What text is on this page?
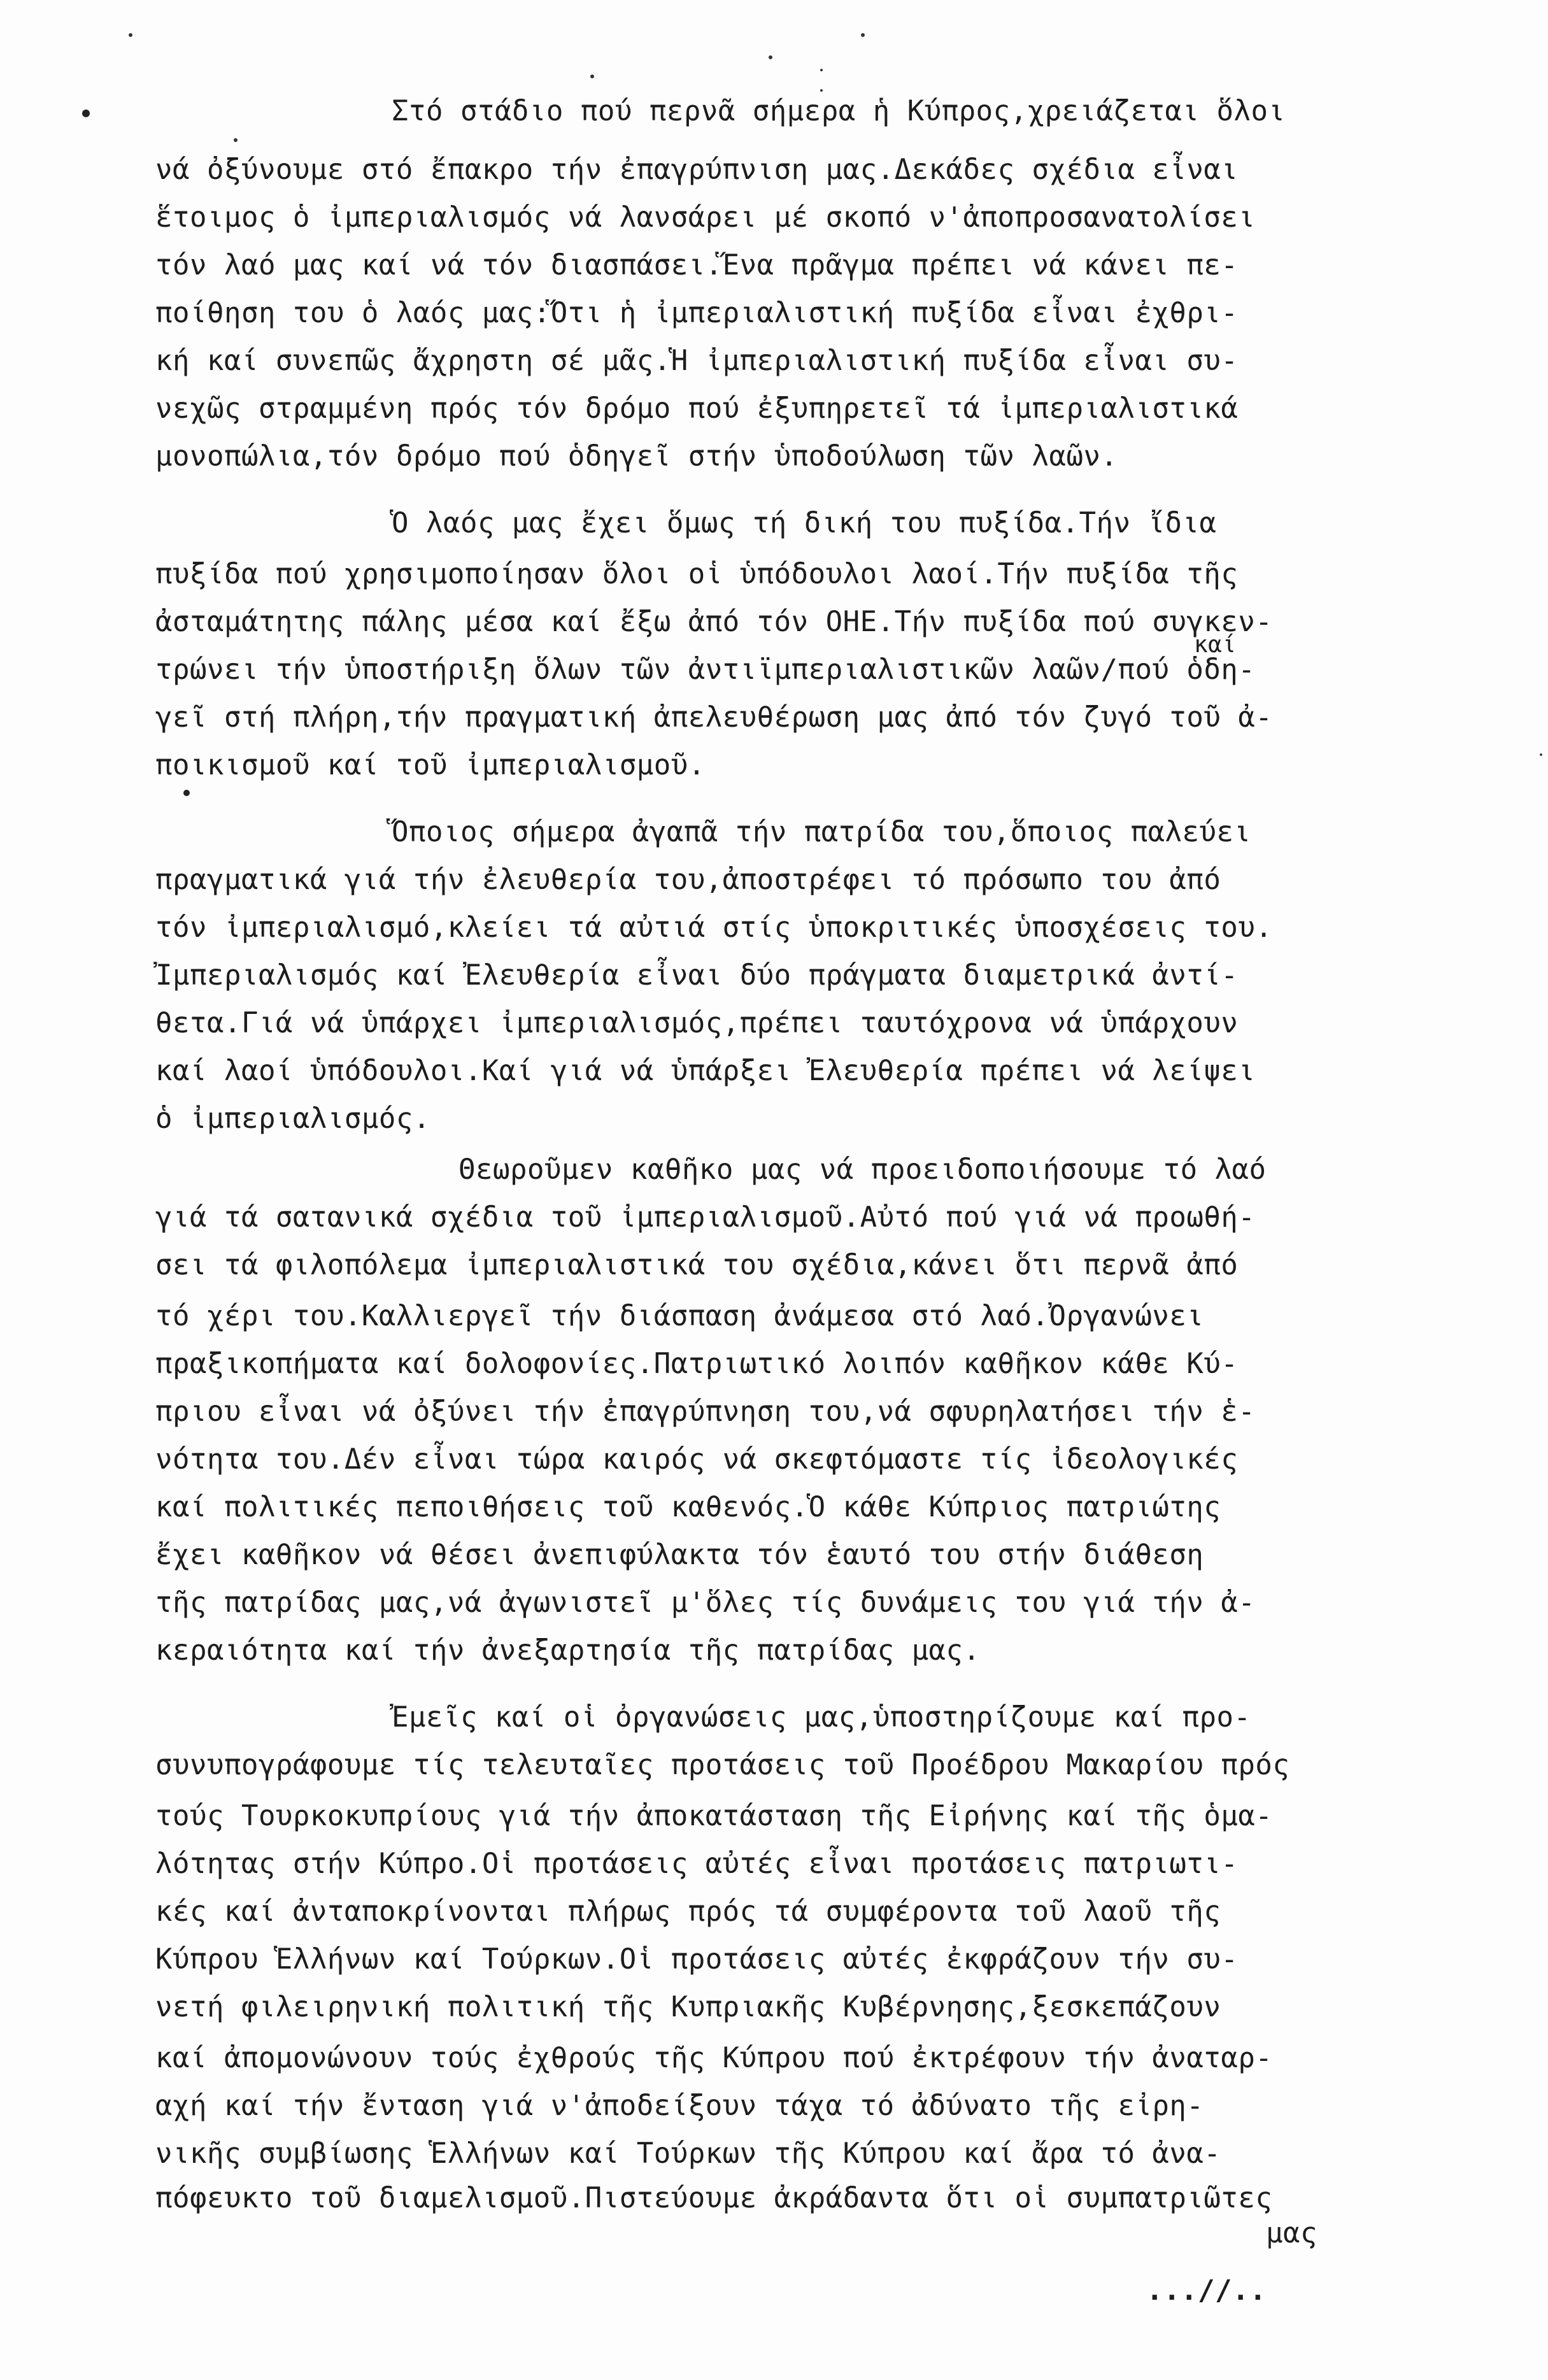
Στό στάδιο πού περνᾶ σήμερα ἡ Κύπρος,χρειάζεται ὅλοι
νά ὀξύνουμε στό ἔπακρο τήν ἐπαγρύπνιση μας.Δεκάδες σχέδια εἶναι
ἕτοιμος ὁ ἰμπεριαλισμός νά λανσάρει μέ σκοπό ν'ἀποπροσανατολίσει
τόν λαό μας καί νά τόν διασπάσει.Ἕνα πρᾶγμα πρέπει νά κάνει πε-
ποίθηση του ὁ λαός μας:Ὅτι ἡ ἰμπεριαλιστική πυξίδα εἶναι ἐχθρι-
κή καί συνεπῶς ἄχρηστη σέ μᾶς.Ἡ ἰμπεριαλιστική πυξίδα εἶναι συ-
νεχῶς στραμμένη πρός τόν δρόμο πού ἐξυπηρετεῖ τά ἰμπεριαλιστικά
μονοπώλια,τόν δρόμο πού ὁδηγεῖ στήν ὑποδούλωση τῶν λαῶν.
Ὁ λαός μας ἔχει ὅμως τή δική του πυξίδα.Τήν ἴδια
πυξίδα πού χρησιμοποίησαν ὅλοι οἱ ὑπόδουλοι λαοί.Τήν πυξίδα τῆς
ἀσταμάτητης πάλης μέσα καί ἔξω ἀπό τόν ΟΗΕ.Τήν πυξίδα πού συγκεν-
καί
τρώνει τήν ὑποστήριξη ὅλων τῶν ἀντιϊμπεριαλιστικῶν λαῶν/πού ὁδη-
γεῖ στή πλήρη,τήν πραγματική ἀπελευθέρωση μας ἀπό τόν ζυγό τοῦ ἀ-
ποικισμοῦ καί τοῦ ἰμπεριαλισμοῦ.
Ὅποιος σήμερα ἀγαπᾶ τήν πατρίδα του,ὅποιος παλεύει
πραγματικά γιά τήν ἐλευθερία του,ἀποστρέφει τό πρόσωπο του ἀπό
τόν ἰμπεριαλισμό,κλείει τά αὐτιά στίς ὑποκριτικές ὑποσχέσεις του.
Ἰμπεριαλισμός καί Ἐλευθερία εἶναι δύο πράγματα διαμετρικά ἀντί-
θετα.Γιά νά ὑπάρχει ἰμπεριαλισμός,πρέπει ταυτόχρονα νά ὑπάρχουν
καί λαοί ὑπόδουλοι.Καί γιά νά ὑπάρξει Ἐλευθερία πρέπει νά λείψει
ὁ ἰμπεριαλισμός.
Θεωροῦμεν καθῆκο μας νά προειδοποιήσουμε τό λαό
γιά τά σατανικά σχέδια τοῦ ἰμπεριαλισμοῦ.Αὐτό πού γιά νά προωθή-
σει τά φιλοπόλεμα ἰμπεριαλιστικά του σχέδια,κάνει ὅτι περνᾶ ἀπό
τό χέρι του.Καλλιεργεῖ τήν διάσπαση ἀνάμεσα στό λαό.Ὀργανώνει
πραξικοπήματα καί δολοφονίες.Πατριωτικό λοιπόν καθῆκον κάθε Κύ-
πριου εἶναι νά ὀξύνει τήν ἐπαγρύπνηση του,νά σφυρηλατήσει τήν ἑ-
νότητα του.Δέν εἶναι τώρα καιρός νά σκεφτόμαστε τίς ἰδεολογικές
καί πολιτικές πεποιθήσεις τοῦ καθενός.Ὁ κάθε Κύπριος πατριώτης
ἔχει καθῆκον νά θέσει ἀνεπιφύλακτα τόν ἑαυτό του στήν διάθεση
τῆς πατρίδας μας,νά ἀγωνιστεῖ μ'ὅλες τίς δυνάμεις του γιά τήν ἀ-
κεραιότητα καί τήν ἀνεξαρτησία τῆς πατρίδας μας.
Ἐμεῖς καί οἱ ὀργανώσεις μας,ὑποστηρίζουμε καί προ-
συνυπογράφουμε τίς τελευταῖες προτάσεις τοῦ Προέδρου Μακαρίου πρός
τούς Τουρκοκυπρίους γιά τήν ἀποκατάσταση τῆς Εἰρήνης καί τῆς ὁμα-
λότητας στήν Κύπρο.Οἱ προτάσεις αὐτές εἶναι προτάσεις πατριωτι-
κές καί ἀνταποκρίνονται πλήρως πρός τά συμφέροντα τοῦ λαοῦ τῆς
Κύπρου Ἑλλήνων καί Τούρκων.Οἱ προτάσεις αὐτές ἐκφράζουν τήν συ-
νετή φιλειρηνική πολιτική τῆς Κυπριακῆς Κυβέρνησης,ξεσκεπάζουν
καί ἀπομονώνουν τούς ἐχθρούς τῆς Κύπρου πού ἐκτρέφουν τήν ἀναταρ-
αχή καί τήν ἔνταση γιά ν'ἀποδείξουν τάχα τό ἀδύνατο τῆς εἰρη-
νικῆς συμβίωσης Ἑλλήνων καί Τούρκων τῆς Κύπρου καί ἄρα τό ἀνα-
πόφευκτο τοῦ διαμελισμοῦ.Πιστεύουμε ἀκράδαντα ὅτι οἱ συμπατριῶτες
μας
...//..
